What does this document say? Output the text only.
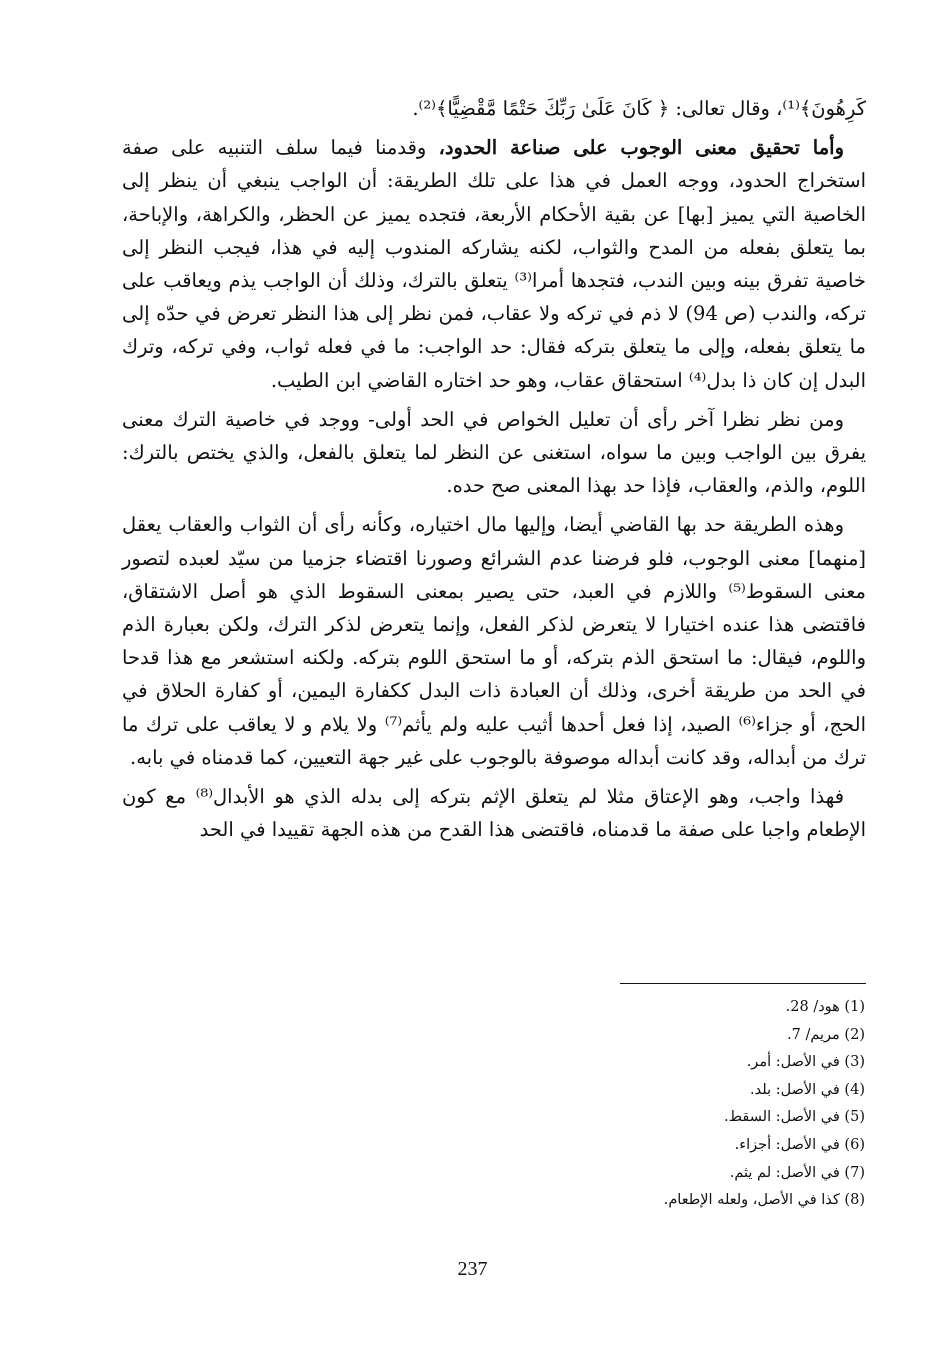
كَرِهُونَ﴾⁽¹⁾، وقال تعالى: ﴿ كَانَ عَلَىٰ رَبِّكَ حَتْمًا مَّقْضِيًّا﴾⁽²⁾.

وأما تحقيق معنى الوجوب على صناعة الحدود، وقدمنا فيما سلف التنبيه على صفة استخراج الحدود، ووجه العمل في هذا على تلك الطريقة: أن الواجب ينبغي أن ينظر إلى الخاصية التي يميز [بها] عن بقية الأحكام الأربعة، فتجده يميز عن الحظر، والكراهة، والإباحة، بما يتعلق بفعله من المدح والثواب، لكنه يشاركه المندوب إليه في هذا، فيجب النظر إلى خاصية تفرق بينه وبين الندب، فتجدها أمرا⁽³⁾ يتعلق بالترك، وذلك أن الواجب يذم ويعاقب على تركه، والندب (ص 94) لا ذم في تركه ولا عقاب، فمن نظر إلى هذا النظر تعرض في حدّه إلى ما يتعلق بفعله، وإلى ما يتعلق بتركه فقال: حد الواجب: ما في فعله ثواب، وفي تركه، وترك البدل إن كان ذا بدل⁽⁴⁾ استحقاق عقاب، وهو حد اختاره القاضي ابن الطيب.

ومن نظر نظرا آخر رأى أن تعليل الخواص في الحد أولى- ووجد في خاصية الترك معنى يفرق بين الواجب وبين ما سواه، استغنى عن النظر لما يتعلق بالفعل، والذي يختص بالترك: اللوم، والذم، والعقاب، فإذا حد بهذا المعنى صح حده.

وهذه الطريقة حد بها القاضي أيضا، وإليها مال اختياره، وكأنه رأى أن الثواب والعقاب يعقل [منهما] معنى الوجوب، فلو فرضنا عدم الشرائع وصورنا اقتضاء جزميا من سيّد لعبده لتصور معنى السقوط⁽⁵⁾ واللازم في العبد، حتى يصير بمعنى السقوط الذي هو أصل الاشتقاق، فاقتضى هذا عنده اختيارا لا يتعرض لذكر الفعل، وإنما يتعرض لذكر الترك، ولكن بعبارة الذم واللوم، فيقال: ما استحق الذم بتركه، أو ما استحق اللوم بتركه. ولكنه استشعر مع هذا قدحا في الحد من طريقة أخرى، وذلك أن العبادة ذات البدل ككفارة اليمين، أو كفارة الحلاق في الحج، أو جزاء⁽⁶⁾ الصيد، إذا فعل أحدها أثيب عليه ولم يأثم⁽⁷⁾ ولا يلام و لا يعاقب على ترك ما ترك من أبداله، وقد كانت أبداله موصوفة بالوجوب على غير جهة التعيين، كما قدمناه في بابه.

فهذا واجب، وهو الإعتاق مثلا لم يتعلق الإثم بتركه إلى بدله الذي هو الأبدال⁽⁸⁾ مع كون الإطعام واجبا على صفة ما قدمناه، فاقتضى هذا القدح من هذه الجهة تقييدا في الحد

(1) هود/ 28.
(2) مريم/ 7.
(3) في الأصل: أمر.
(4) في الأصل: بلد.
(5) في الأصل: السقط.
(6) في الأصل: أجزاء.
(7) في الأصل: لم يثم.
(8) كذا في الأصل، ولعله الإطعام.
237
